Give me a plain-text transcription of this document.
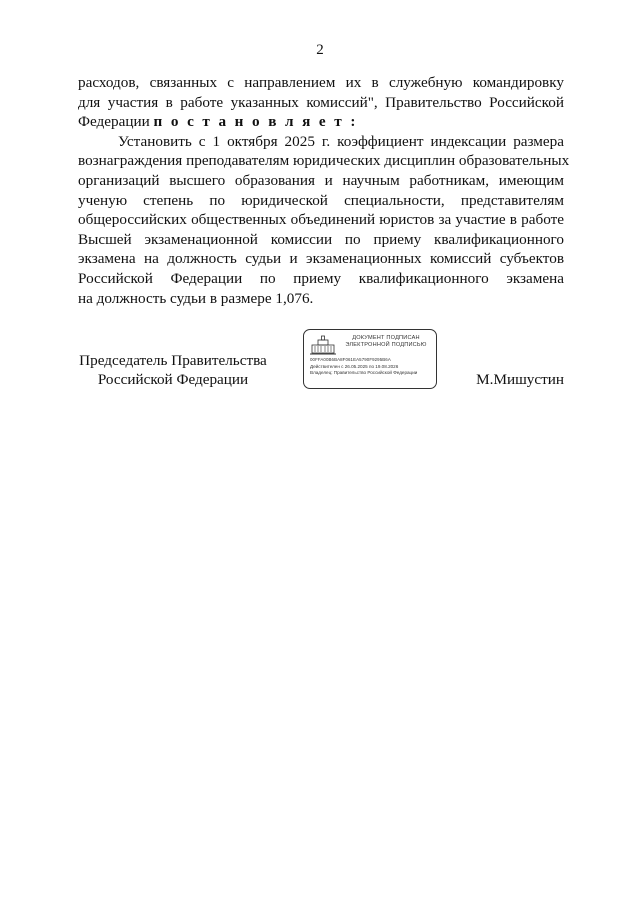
2
расходов, связанных с направлением их в служебную командировку
для участия в работе указанных комиссий", Правительство Российской
Федерации п о с т а н о в л я е т :
Установить с 1 октября 2025 г. коэффициент индексации размера
вознаграждения преподавателям юридических дисциплин образовательных
организаций высшего образования и научным работникам, имеющим
ученую степень по юридической специальности, представителям
общероссийских общественных объединений юристов за участие в работе
Высшей экзаменационной комиссии по приему квалификационного
экзамена на должность судьи и экзаменационных комиссий субъектов
Российской Федерации по приему квалификационного экзамена
на должность судьи в размере 1,076.
Председатель Правительства
Российской Федерации
ДОКУМЕНТ ПОДПИСАН
ЭЛЕКТРОННОЙ ПОДПИСЬЮ
00FFA00B6BA8F061EA5790F9295B6A
Действителен с 26.05.2025 по 19.08.2026
Владелец: Правительство Российской Федерации	М.Мишустин
